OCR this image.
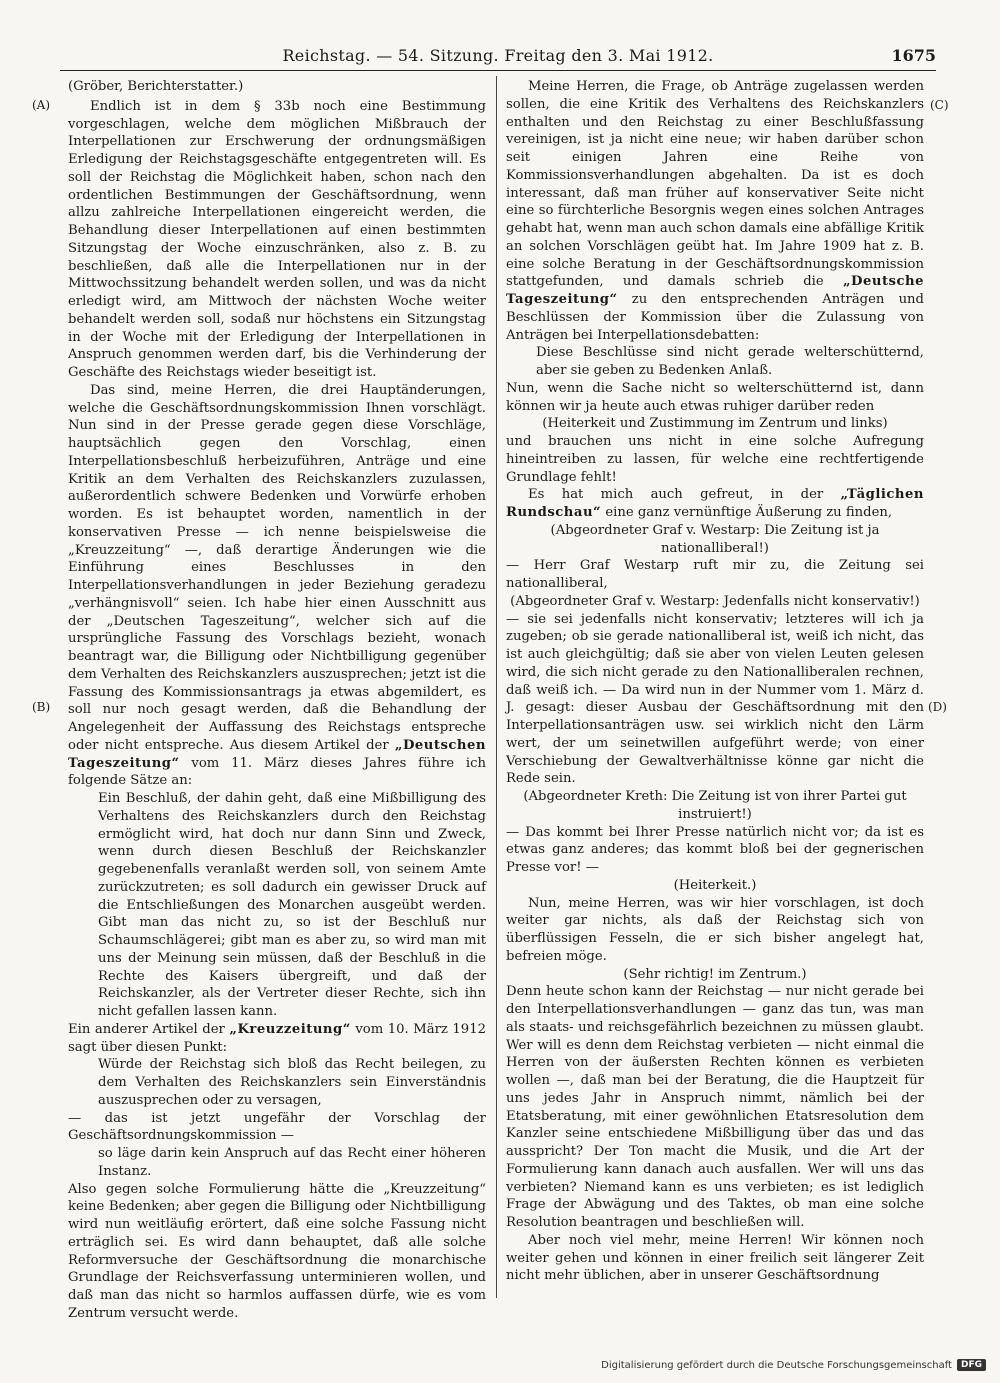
Reichstag. — 54. Sitzung. Freitag den 3. Mai 1912.	1675
(A)
(B)
(C)
(D)

(Gröber, Berichterstatter.)

Endlich ist in dem § 33b noch eine Bestimmung vorgeschlagen, welche dem möglichen Mißbrauch der Interpellationen zur Erschwerung der ordnungsmäßigen Erledigung der Reichstagsgeschäfte entgegentreten will. Es soll der Reichstag die Möglichkeit haben, schon nach den ordentlichen Bestimmungen der Geschäftsordnung, wenn allzu zahlreiche Interpellationen eingereicht werden, die Behandlung dieser Interpellationen auf einen bestimmten Sitzungstag der Woche einzuschränken, also z. B. zu beschließen, daß alle die Interpellationen nur in der Mittwochssitzung behandelt werden sollen, und was da nicht erledigt wird, am Mittwoch der nächsten Woche weiter behandelt werden soll, sodaß nur höchstens ein Sitzungstag in der Woche mit der Erledigung der Interpellationen in Anspruch genommen werden darf, bis die Verhinderung der Geschäfte des Reichstags wieder beseitigt ist.

Das sind, meine Herren, die drei Hauptänderungen, welche die Geschäftsordnungskommission Ihnen vorschlägt. Nun sind in der Presse gerade gegen diese Vorschläge, hauptsächlich gegen den Vorschlag, einen Interpellationsbeschluß herbeizuführen, Anträge und eine Kritik an dem Verhalten des Reichskanzlers zuzulassen, außerordentlich schwere Bedenken und Vorwürfe erhoben worden. Es ist behauptet worden, namentlich in der konservativen Presse — ich nenne beispielsweise die „Kreuzzeitung“ —, daß derartige Änderungen wie die Einführung eines Beschlusses in den Interpellationsverhandlungen in jeder Beziehung geradezu „verhängnisvoll“ seien. Ich habe hier einen Ausschnitt aus der „Deutschen Tageszeitung“, welcher sich auf die ursprüngliche Fassung des Vorschlags bezieht, wonach beantragt war, die Billigung oder Nichtbilligung gegenüber dem Verhalten des Reichskanzlers auszusprechen; jetzt ist die Fassung des Kommissionsantrags ja etwas abgemildert, es soll nur noch gesagt werden, daß die Behandlung der Angelegenheit der Auffassung des Reichstags entspreche oder nicht entspreche. Aus diesem Artikel der „Deutschen Tageszeitung“ vom 11. März dieses Jahres führe ich folgende Sätze an:

Ein Beschluß, der dahin geht, daß eine Mißbilligung des Verhaltens des Reichskanzlers durch den Reichstag ermöglicht wird, hat doch nur dann Sinn und Zweck, wenn durch diesen Beschluß der Reichskanzler gegebenenfalls veranlaßt werden soll, von seinem Amte zurückzutreten; es soll dadurch ein gewisser Druck auf die Entschließungen des Monarchen ausgeübt werden. Gibt man das nicht zu, so ist der Beschluß nur Schaumschlägerei; gibt man es aber zu, so wird man mit uns der Meinung sein müssen, daß der Beschluß in die Rechte des Kaisers übergreift, und daß der Reichskanzler, als der Vertreter dieser Rechte, sich ihn nicht gefallen lassen kann.

Ein anderer Artikel der „Kreuzzeitung“ vom 10. März 1912 sagt über diesen Punkt:

Würde der Reichstag sich bloß das Recht beilegen, zu dem Verhalten des Reichskanzlers sein Einverständnis auszusprechen oder zu versagen,

— das ist jetzt ungefähr der Vorschlag der Geschäftsordnungskommission —

so läge darin kein Anspruch auf das Recht einer höheren Instanz.

Also gegen solche Formulierung hätte die „Kreuzzeitung“ keine Bedenken; aber gegen die Billigung oder Nichtbilligung wird nun weitläufig erörtert, daß eine solche Fassung nicht erträglich sei. Es wird dann behauptet, daß alle solche Reformversuche der Geschäftsordnung die monarchische Grundlage der Reichsverfassung unterminieren wollen, und daß man das nicht so harmlos auffassen dürfe, wie es vom Zentrum versucht werde.

Meine Herren, die Frage, ob Anträge zugelassen werden sollen, die eine Kritik des Verhaltens des Reichskanzlers enthalten und den Reichstag zu einer Beschlußfassung vereinigen, ist ja nicht eine neue; wir haben darüber schon seit einigen Jahren eine Reihe von Kommissionsverhandlungen abgehalten. Da ist es doch interessant, daß man früher auf konservativer Seite nicht eine so fürchterliche Besorgnis wegen eines solchen Antrages gehabt hat, wenn man auch schon damals eine abfällige Kritik an solchen Vorschlägen geübt hat. Im Jahre 1909 hat z. B. eine solche Beratung in der Geschäftsordnungskommission stattgefunden, und damals schrieb die „Deutsche Tageszeitung“ zu den entsprechenden Anträgen und Beschlüssen der Kommission über die Zulassung von Anträgen bei Interpellationsdebatten:

Diese Beschlüsse sind nicht gerade welterschütternd, aber sie geben zu Bedenken Anlaß.

Nun, wenn die Sache nicht so welterschütternd ist, dann können wir ja heute auch etwas ruhiger darüber reden

(Heiterkeit und Zustimmung im Zentrum und links)

und brauchen uns nicht in eine solche Aufregung hineintreiben zu lassen, für welche eine rechtfertigende Grundlage fehlt!

Es hat mich auch gefreut, in der „Täglichen Rundschau“ eine ganz vernünftige Äußerung zu finden,

(Abgeordneter Graf v. Westarp: Die Zeitung ist ja nationalliberal!)

— Herr Graf Westarp ruft mir zu, die Zeitung sei nationalliberal,

(Abgeordneter Graf v. Westarp: Jedenfalls nicht konservativ!)

— sie sei jedenfalls nicht konservativ; letzteres will ich ja zugeben; ob sie gerade nationalliberal ist, weiß ich nicht, das ist auch gleichgültig; daß sie aber von vielen Leuten gelesen wird, die sich nicht gerade zu den Nationalliberalen rechnen, daß weiß ich. — Da wird nun in der Nummer vom 1. März d. J. gesagt: dieser Ausbau der Geschäftsordnung mit den Interpellationsanträgen usw. sei wirklich nicht den Lärm wert, der um seinetwillen aufgeführt werde; von einer Verschiebung der Gewaltverhältnisse könne gar nicht die Rede sein.

(Abgeordneter Kreth: Die Zeitung ist von ihrer Partei gut instruiert!)

— Das kommt bei Ihrer Presse natürlich nicht vor; da ist es etwas ganz anderes; das kommt bloß bei der gegnerischen Presse vor! —

(Heiterkeit.)

Nun, meine Herren, was wir hier vorschlagen, ist doch weiter gar nichts, als daß der Reichstag sich von überflüssigen Fesseln, die er sich bisher angelegt hat, befreien möge.

(Sehr richtig! im Zentrum.)

Denn heute schon kann der Reichstag — nur nicht gerade bei den Interpellationsverhandlungen — ganz das tun, was man als staats- und reichsgefährlich bezeichnen zu müssen glaubt. Wer will es denn dem Reichstag verbieten — nicht einmal die Herren von der äußersten Rechten können es verbieten wollen —, daß man bei der Beratung, die die Hauptzeit für uns jedes Jahr in Anspruch nimmt, nämlich bei der Etatsberatung, mit einer gewöhnlichen Etatsresolution dem Kanzler seine entschiedene Mißbilligung über das und das ausspricht? Der Ton macht die Musik, und die Art der Formulierung kann danach auch ausfallen. Wer will uns das verbieten? Niemand kann es uns verbieten; es ist lediglich Frage der Abwägung und des Taktes, ob man eine solche Resolution beantragen und beschließen will.

Aber noch viel mehr, meine Herren! Wir können noch weiter gehen und können in einer freilich seit längerer Zeit nicht mehr üblichen, aber in unserer Geschäftsordnung

Digitalisierung gefördert durch die Deutsche Forschungsgemeinschaft	DFG
